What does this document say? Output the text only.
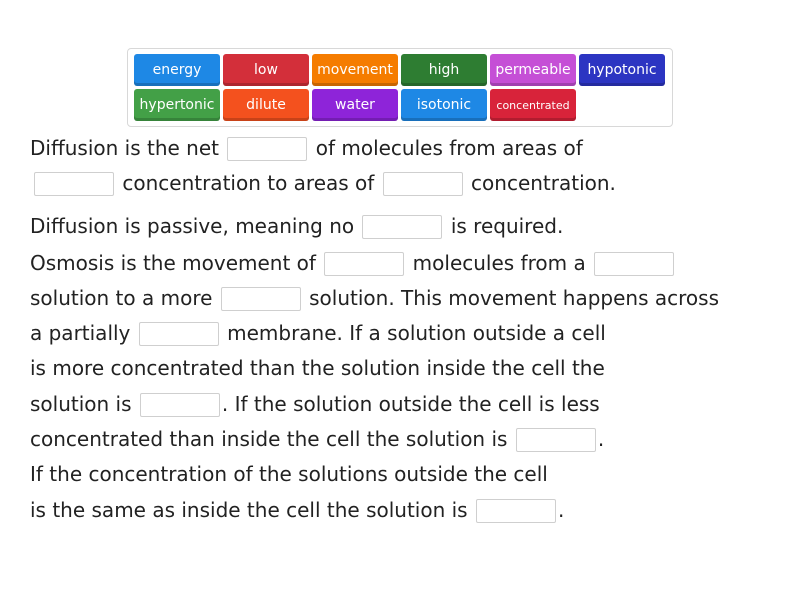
energy	low	movement	high	permeable	hypotonic
hypertonic	dilute	water	isotonic	concentrated
Diffusion is the net	of molecules from areas of
concentration to areas of	concentration.
Diffusion is passive, meaning no	is required.
Osmosis is the movement of	molecules from a
solution to a more	solution. This movement happens across
a partially	membrane. If a solution outside a cell
is more concentrated than the solution inside the cell the
solution is	. If the solution outside the cell is less
concentrated than inside the cell the solution is	.
If the concentration of the solutions outside the cell
is the same as inside the cell the solution is	.
